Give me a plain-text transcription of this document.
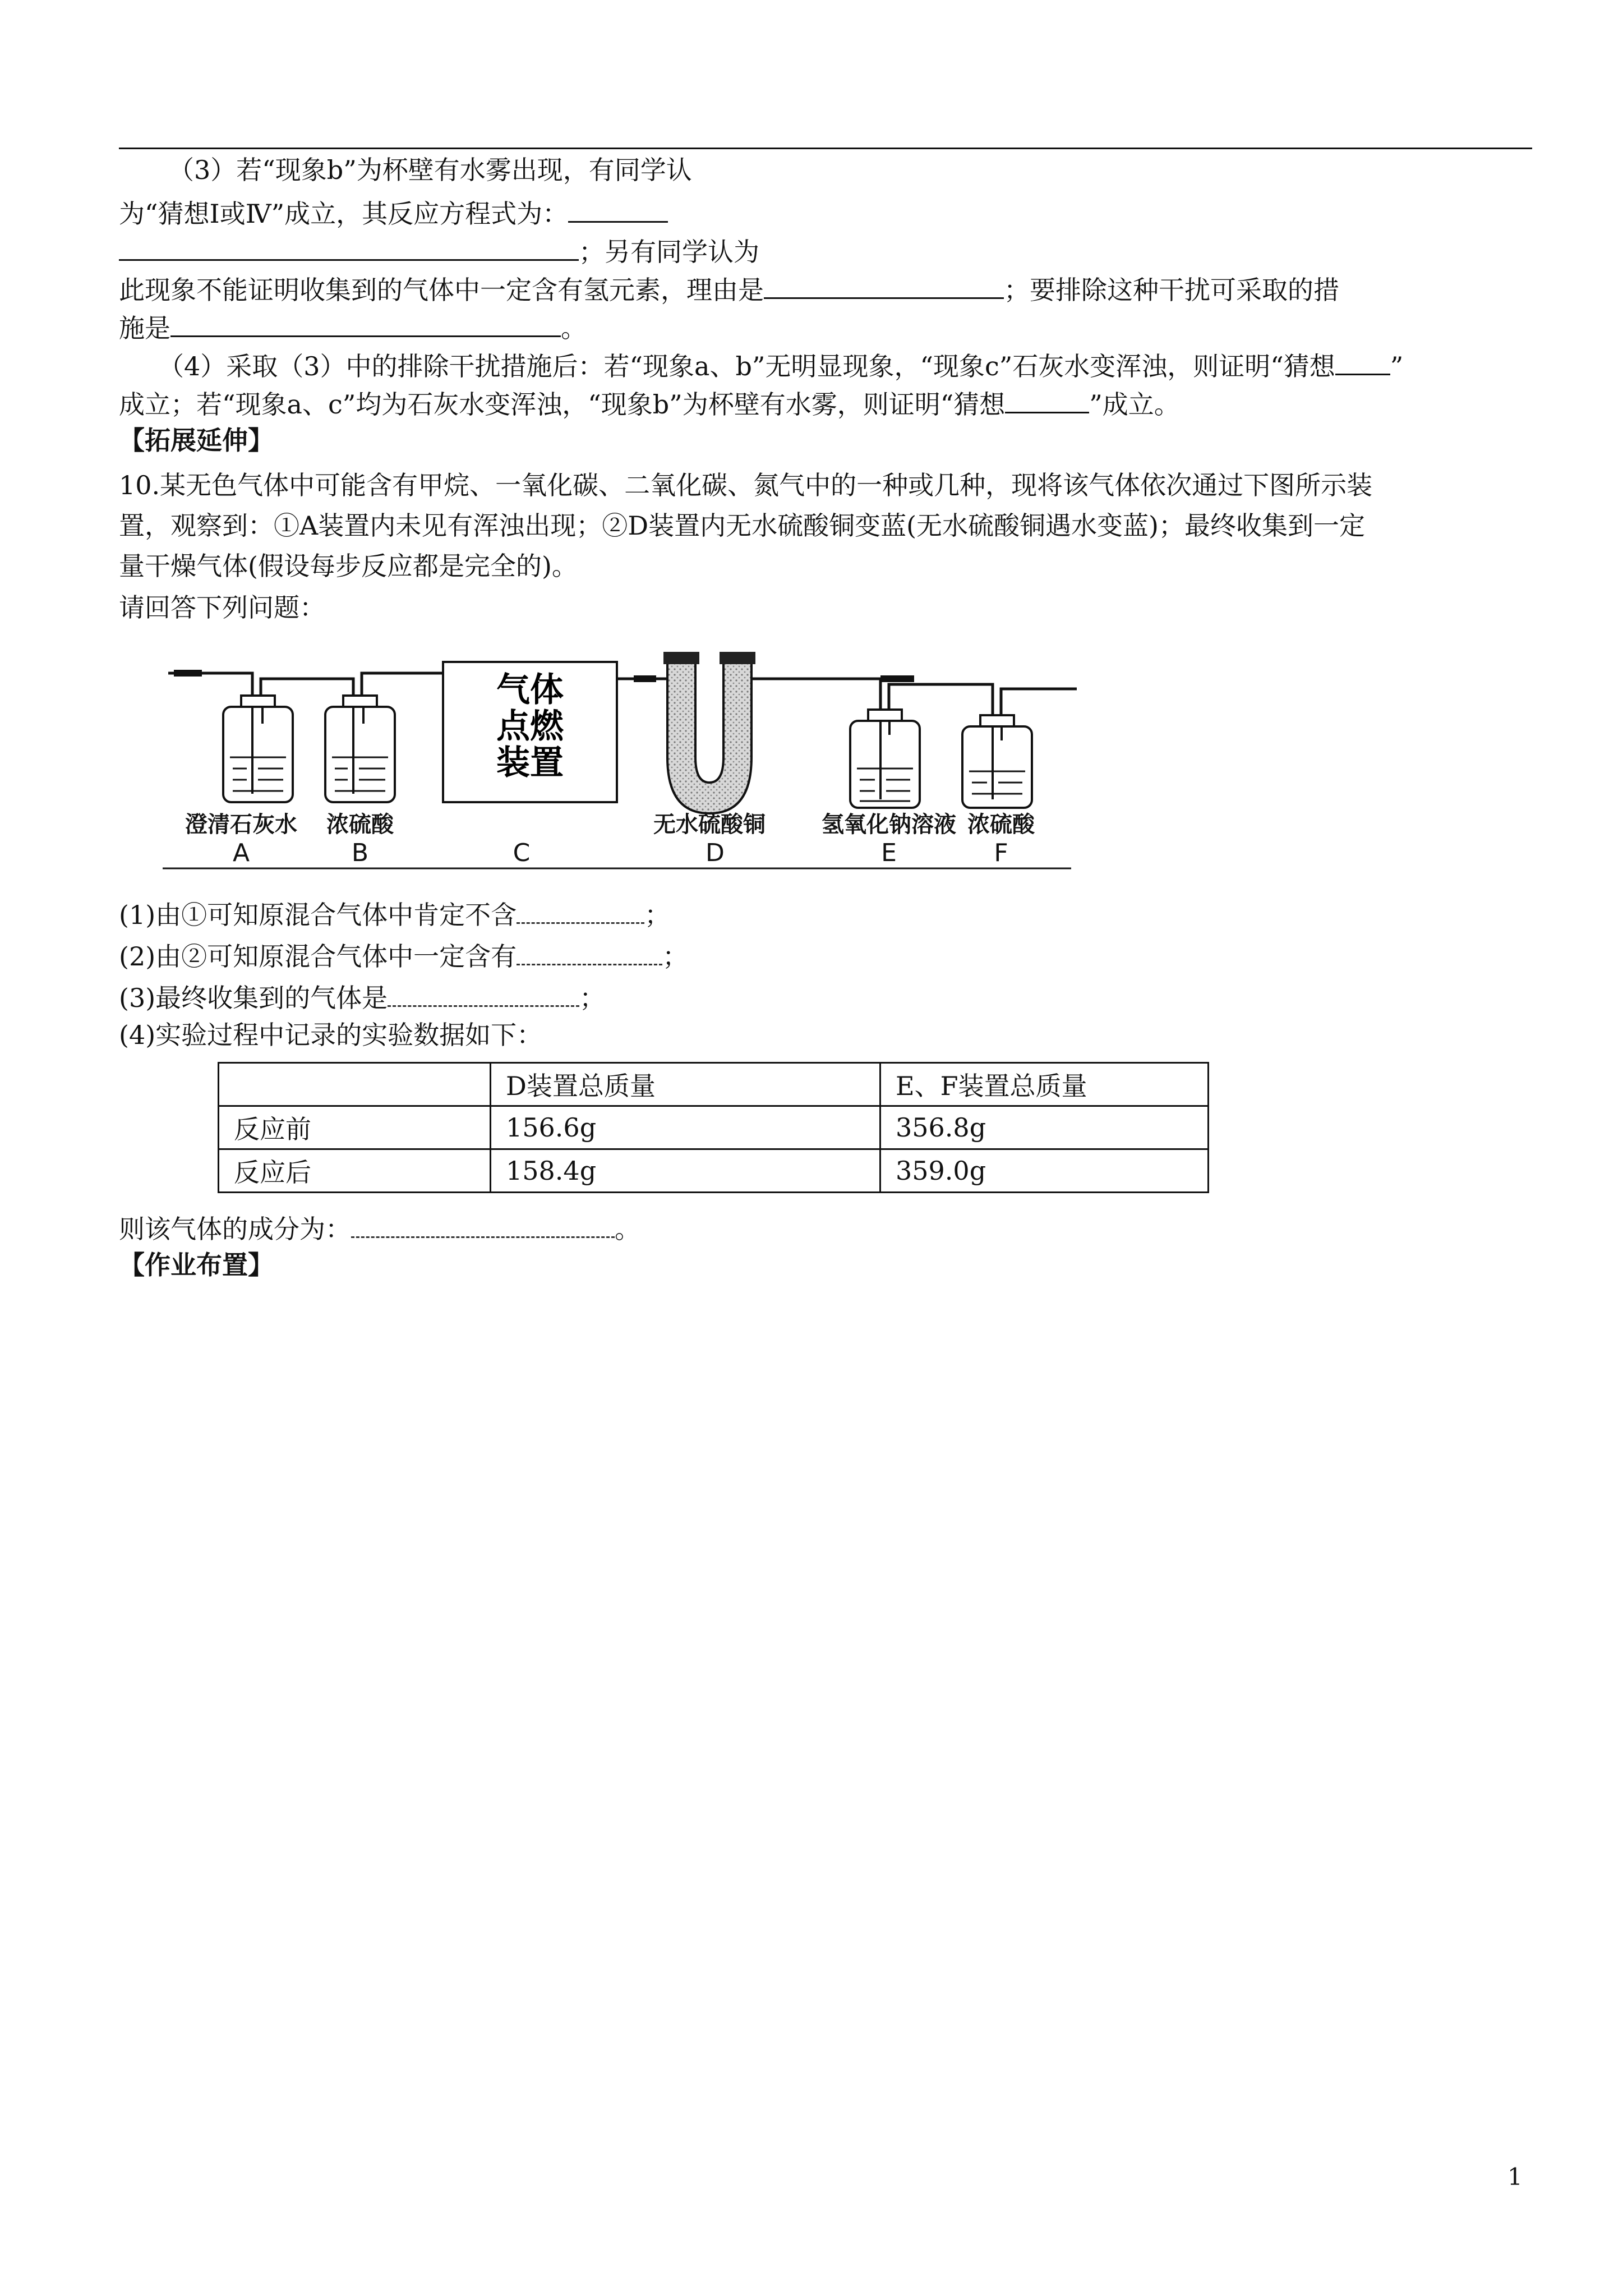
（3）若“现象b”为杯壁有水雾出现，有同学认
为“猜想Ⅰ或Ⅳ”成立，其反应方程式为：
；另有同学认为
此现象不能证明收集到的气体中一定含有氢元素，理由是	；要排除这种干扰可采取的措
施是	。
（4）采取（3）中的排除干扰措施后：若“现象a、b”无明显现象，“现象c”石灰水变浑浊，则证明“猜想 ”
成立；若“现象a、c”均为石灰水变浑浊，“现象b”为杯壁有水雾，则证明“猜想	”成立。
【拓展延伸】
10.某无色气体中可能含有甲烷、一氧化碳、二氧化碳、氮气中的一种或几种，现将该气体依次通过下图所示装
置，观察到：①A装置内未见有浑浊出现；②D装置内无水硫酸铜变蓝(无水硫酸铜遇水变蓝)；最终收集到一定
量干燥气体(假设每步反应都是完全的)。
请回答下列问题：
气体
点燃
装置
澄清石灰水 浓硫酸	无水硫酸铜	氢氧化钠溶液 浓硫酸
A	B	C	D	E	F
(1)由①可知原混合气体中肯定不含	；
(2)由②可知原混合气体中一定含有	；
(3)最终收集到的气体是	；
(4)实验过程中记录的实验数据如下：
	D装置总质量	E、F装置总质量
反应前	156.6g	356.8g
反应后	158.4g	359.0g
则该气体的成分为：	。
【作业布置】
1
